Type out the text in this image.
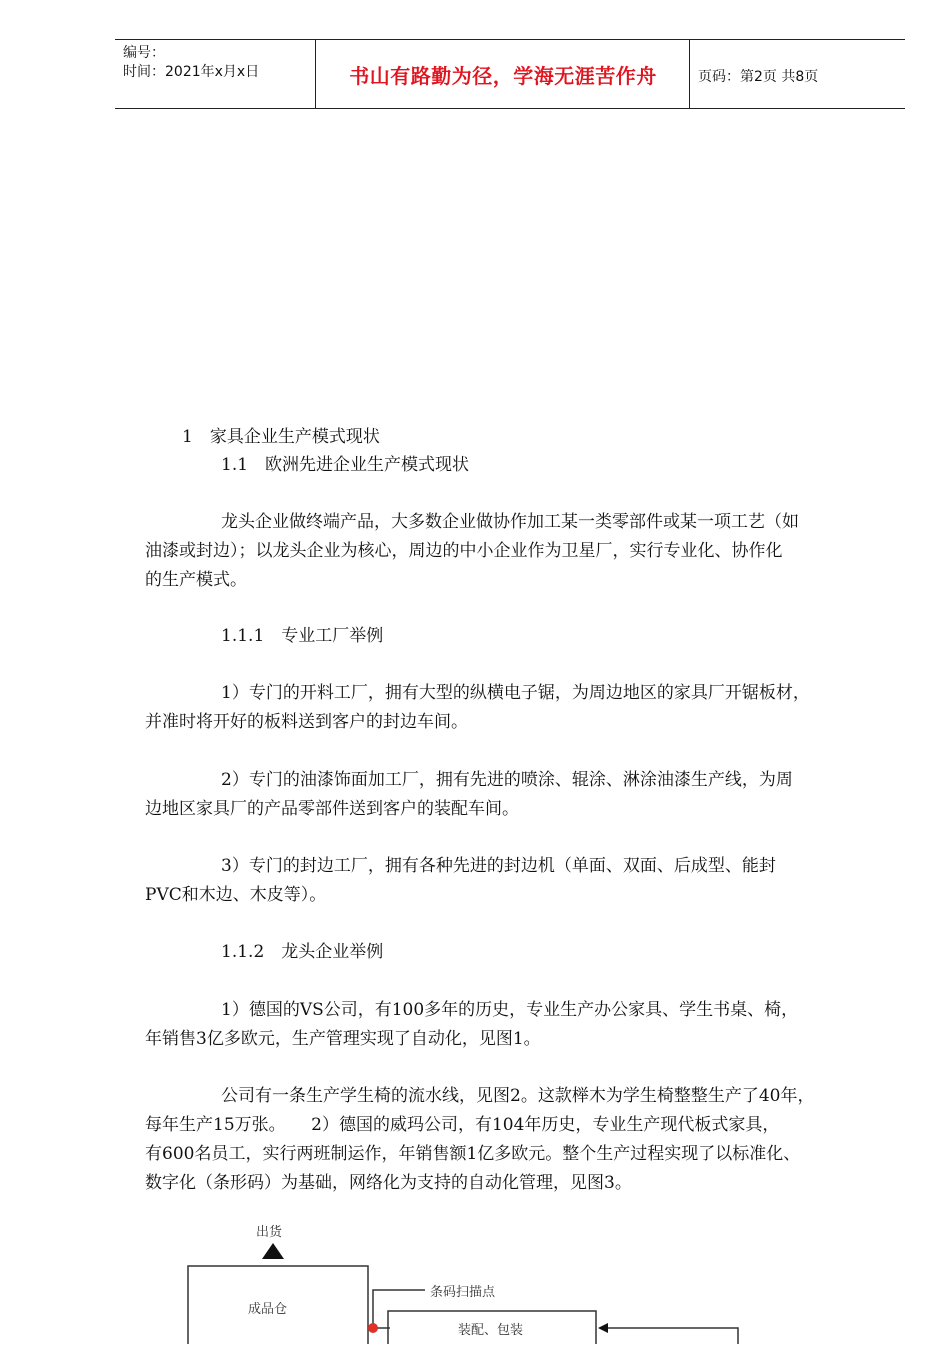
编号：
时间：2021年x月x日	书山有路勤为径，学海无涯苦作舟	页码：第2页 共8页
1　家具企业生产模式现状
1.1　欧洲先进企业生产模式现状
龙头企业做终端产品，大多数企业做协作加工某一类零部件或某一项工艺（如
油漆或封边）；以龙头企业为核心，周边的中小企业作为卫星厂，实行专业化、协作化
的生产模式。
1.1.1　专业工厂举例
1）专门的开料工厂，拥有大型的纵横电子锯，为周边地区的家具厂开锯板材，
并准时将开好的板料送到客户的封边车间。
2）专门的油漆饰面加工厂，拥有先进的喷涂、辊涂、淋涂油漆生产线，为周
边地区家具厂的产品零部件送到客户的装配车间。
3）专门的封边工厂，拥有各种先进的封边机（单面、双面、后成型、能封
PVC和木边、木皮等）。
1.1.2　龙头企业举例
1）德国的VS公司，有100多年的历史，专业生产办公家具、学生书桌、椅，
年销售3亿多欧元，生产管理实现了自动化，见图1。
公司有一条生产学生椅的流水线，见图2。这款榉木为学生椅整整生产了40年，
每年生产15万张。　　2）德国的威玛公司，有104年历史，专业生产现代板式家具，
有600名员工，实行两班制运作，年销售额1亿多欧元。整个生产过程实现了以标准化、
数字化（条形码）为基础，网络化为支持的自动化管理，见图3。
出货
成品仓
条码扫描点
装配、包装
